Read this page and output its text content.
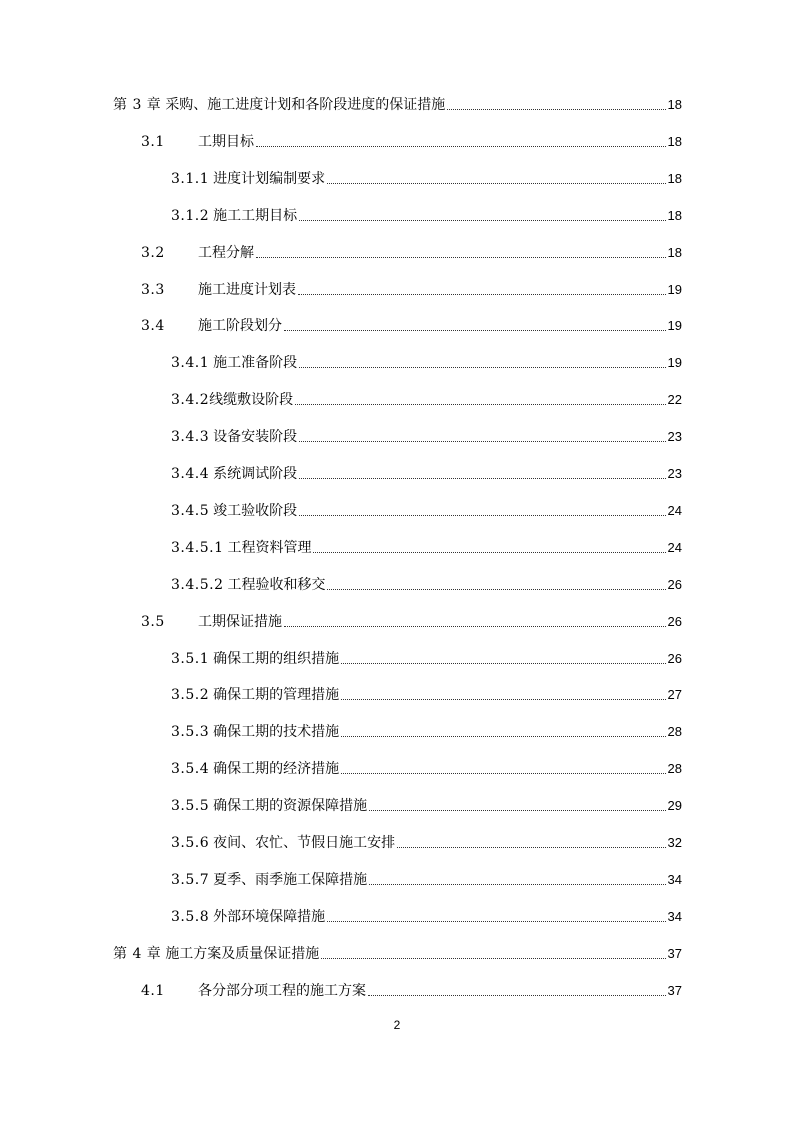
第 3 章 采购、施工进度计划和各阶段进度的保证措施	18
3.1	工期目标	18
3.1.1 进度计划编制要求	18
3.1.2 施工工期目标	18
3.2	工程分解	18
3.3	施工进度计划表	19
3.4	施工阶段划分	19
3.4.1 施工准备阶段	19
3.4.2 线缆敷设阶段	22
3.4.3 设备安装阶段	23
3.4.4 系统调试阶段	23
3.4.5 竣工验收阶段	24
3.4.5.1 工程资料管理	24
3.4.5.2 工程验收和移交	26
3.5	工期保证措施	26
3.5.1 确保工期的组织措施	26
3.5.2 确保工期的管理措施	27
3.5.3 确保工期的技术措施	28
3.5.4 确保工期的经济措施	28
3.5.5 确保工期的资源保障措施	29
3.5.6 夜间、农忙、节假日施工安排	32
3.5.7 夏季、雨季施工保障措施	34
3.5.8 外部环境保障措施	34
第 4 章 施工方案及质量保证措施	37
4.1	各分部分项工程的施工方案	37
2
